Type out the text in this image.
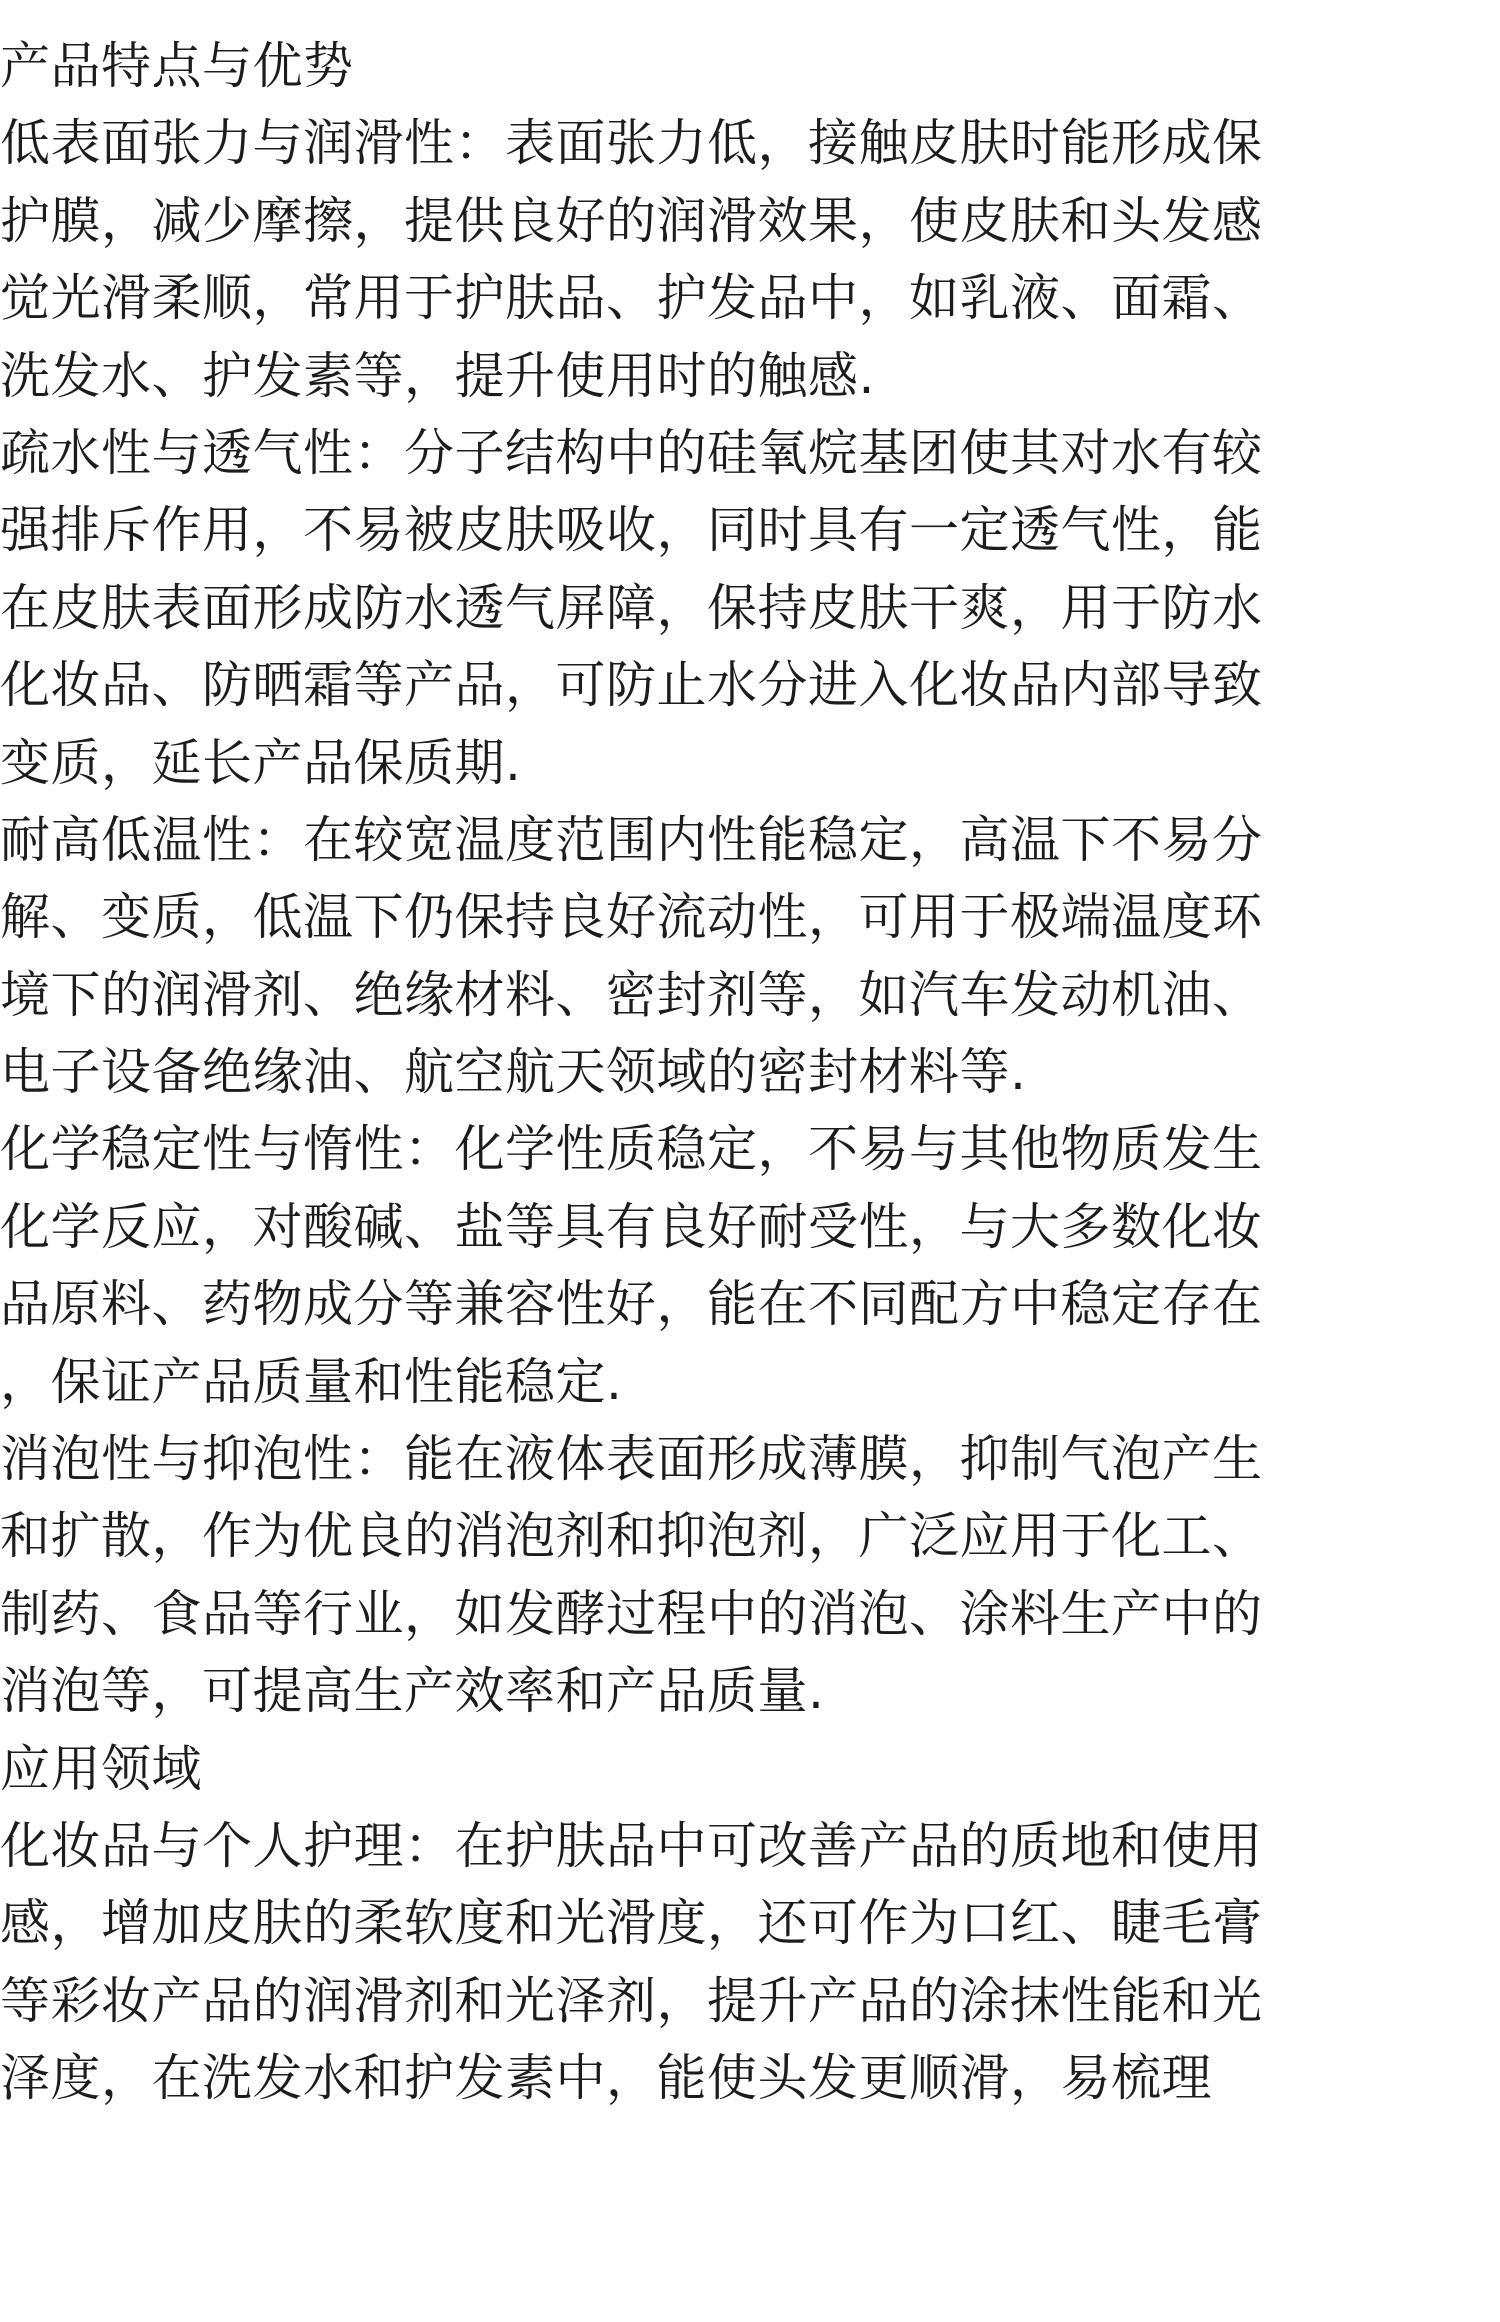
产品特点与优势
低表面张力与润滑性：表面张力低，接触皮肤时能形成保
护膜，减少摩擦，提供良好的润滑效果，使皮肤和头发感
觉光滑柔顺，常用于护肤品、护发品中，如乳液、面霜、
洗发水、护发素等，提升使用时的触感.
疏水性与透气性：分子结构中的硅氧烷基团使其对水有较
强排斥作用，不易被皮肤吸收，同时具有一定透气性，能
在皮肤表面形成防水透气屏障，保持皮肤干爽，用于防水
化妆品、防晒霜等产品，可防止水分进入化妆品内部导致
变质，延长产品保质期.
耐高低温性：在较宽温度范围内性能稳定，高温下不易分
解、变质，低温下仍保持良好流动性，可用于极端温度环
境下的润滑剂、绝缘材料、密封剂等，如汽车发动机油、
电子设备绝缘油、航空航天领域的密封材料等.
化学稳定性与惰性：化学性质稳定，不易与其他物质发生
化学反应，对酸碱、盐等具有良好耐受性，与大多数化妆
品原料、药物成分等兼容性好，能在不同配方中稳定存在
，保证产品质量和性能稳定.
消泡性与抑泡性：能在液体表面形成薄膜，抑制气泡产生
和扩散，作为优良的消泡剂和抑泡剂，广泛应用于化工、
制药、食品等行业，如发酵过程中的消泡、涂料生产中的
消泡等，可提高生产效率和产品质量.
应用领域
化妆品与个人护理：在护肤品中可改善产品的质地和使用
感，增加皮肤的柔软度和光滑度，还可作为口红、睫毛膏
等彩妆产品的润滑剂和光泽剂，提升产品的涂抹性能和光
泽度，在洗发水和护发素中，能使头发更顺滑，易梳理
